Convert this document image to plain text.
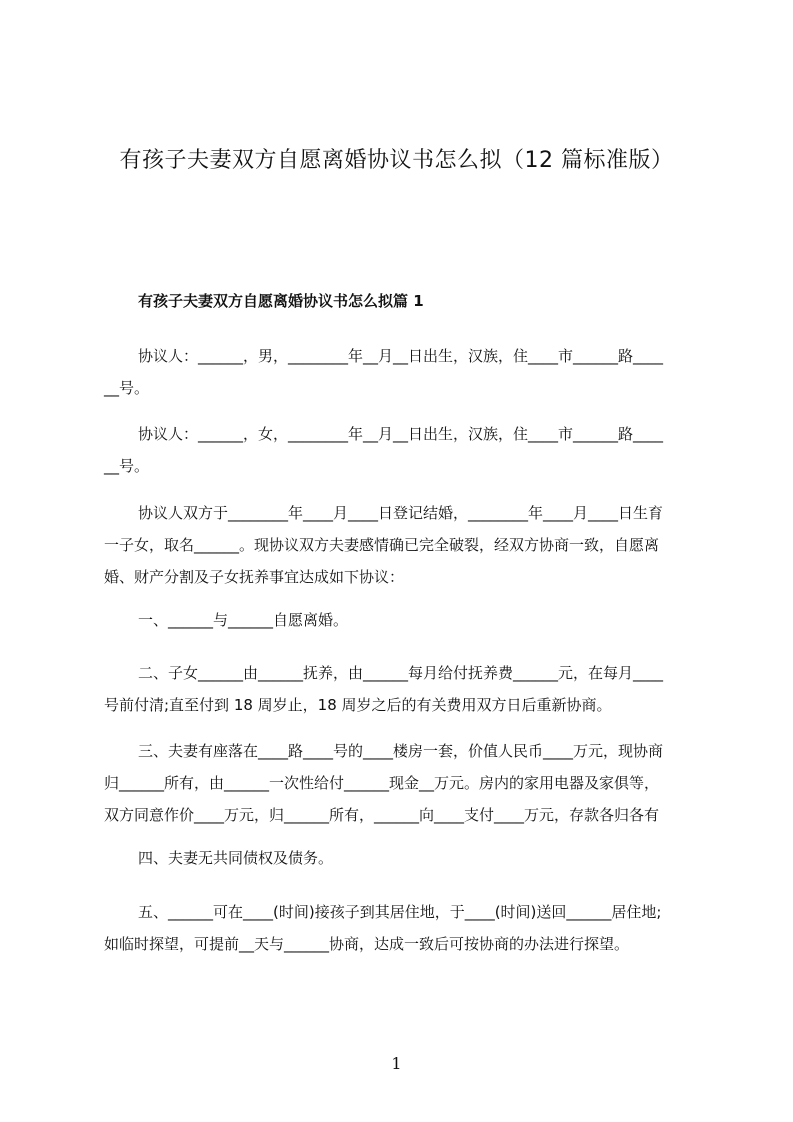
有孩子夫妻双方自愿离婚协议书怎么拟（12 篇标准版）
有孩子夫妻双方自愿离婚协议书怎么拟篇 1
协议人：______，男，________年__月__日出生，汉族，住____市______路____
__号。
协议人：______，女，________年__月__日出生，汉族，住____市______路____
__号。
协议人双方于________年____月____日登记结婚，________年____月____日生育
一子女，取名______。现协议双方夫妻感情确已完全破裂，经双方协商一致，自愿离
婚、财产分割及子女抚养事宜达成如下协议：
一、______与______自愿离婚。
二、子女______由______抚养，由______每月给付抚养费______元，在每月____
号前付清;直至付到 18 周岁止，18 周岁之后的有关费用双方日后重新协商。
三、夫妻有座落在____路____号的____楼房一套，价值人民币____万元，现协商
归______所有，由______一次性给付______现金__万元。房内的家用电器及家俱等，
双方同意作价____万元，归______所有，______向____支付____万元，存款各归各有
四、夫妻无共同债权及债务。
五、______可在____(时间)接孩子到其居住地，于____(时间)送回______居住地;
如临时探望，可提前__天与______协商，达成一致后可按协商的办法进行探望。
1
